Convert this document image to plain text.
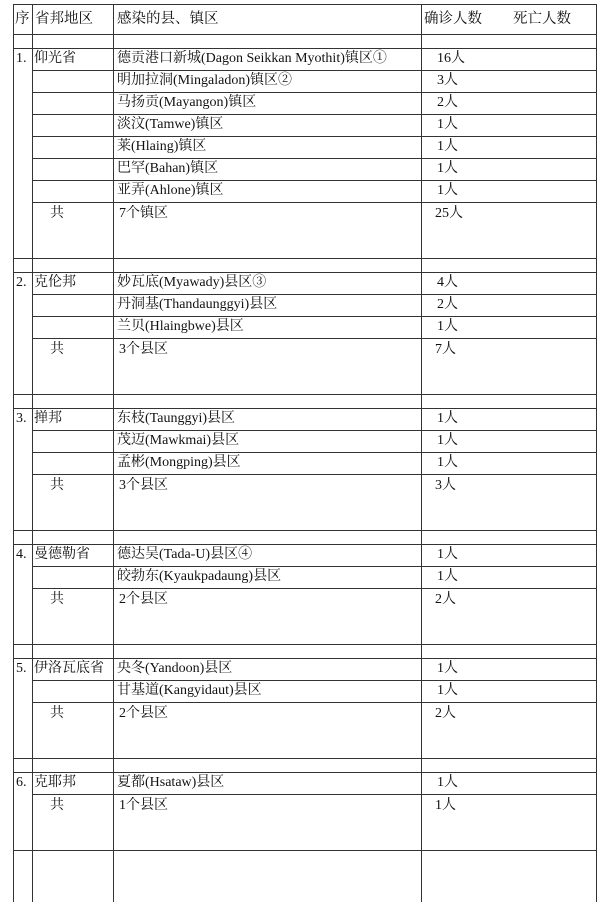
序 省邦地区 感染的县、镇区	确诊人数 死亡人数
1. 仰光省	德贡港口新城(Dagon Seikkan Myothit)镇区①	16人
明加拉洞(Mingaladon)镇区②	3人
马扬贡(Mayangon)镇区	2人
淡汶(Tamwe)镇区	1人
莱(Hlaing)镇区	1人
巴罕(Bahan)镇区	1人
亚弄(Ahlone)镇区	1人
共	7个镇区	25人
2. 克伦邦	妙瓦底(Myawady)县区③	4人
丹洞基(Thandaunggyi)县区	2人
兰贝(Hlaingbwe)县区	1人
共	3个县区	7人
3. 掸邦	东枝(Taunggyi)县区	1人
茂迈(Mawkmai)县区	1人
孟彬(Mongping)县区	1人
共	3个县区	3人
4. 曼德勒省 德达吴(Tada-U)县区④	1人
皎勃东(Kyaukpadaung)县区	1人
共	2个县区	2人
5. 伊洛瓦底省 央冬(Yandoon)县区	1人
甘基道(Kangyidaut)县区	1人
共	2个县区	2人
6. 克耶邦	夏都(Hsataw)县区	1人
共	1个县区	1人
